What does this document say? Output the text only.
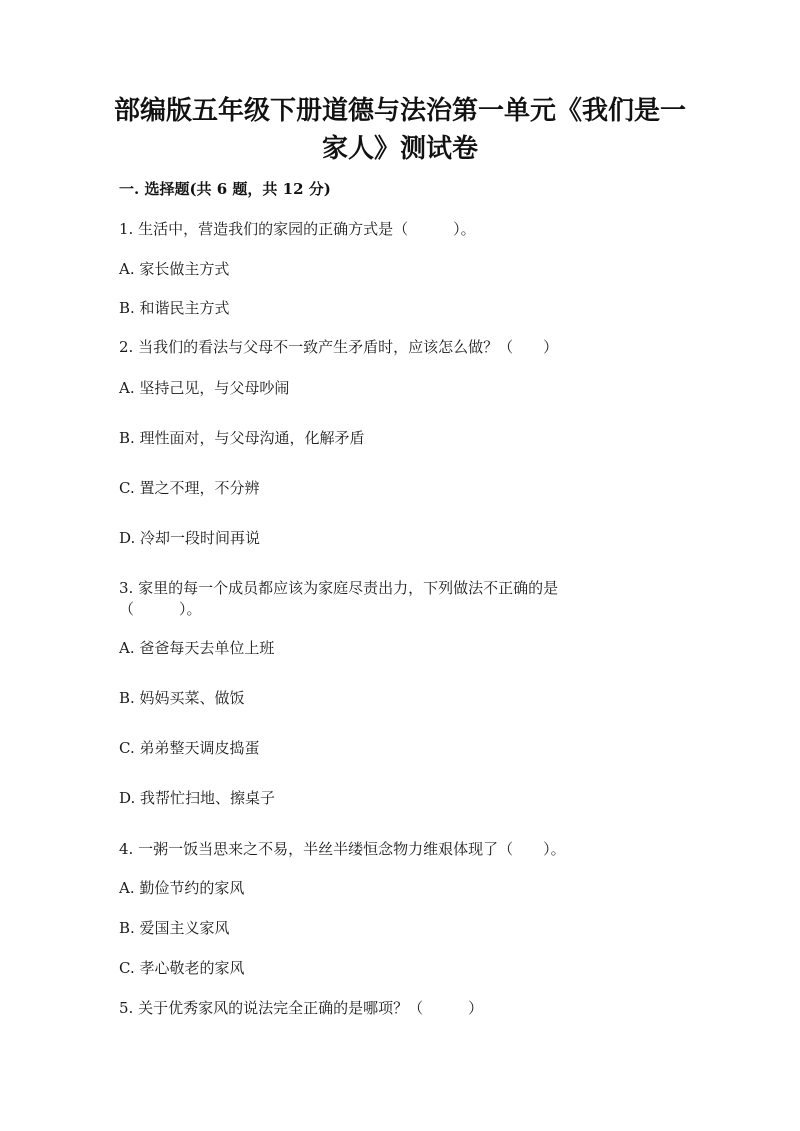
部编版五年级下册道德与法治第一单元《我们是一
家人》测试卷
一. 选择题(共 6 题，共 12 分)
1. 生活中，营造我们的家园的正确方式是（　　　）。
A. 家长做主方式
B. 和谐民主方式
2. 当我们的看法与父母不一致产生矛盾时，应该怎么做？（　　）
A. 坚持己见，与父母吵闹
B. 理性面对，与父母沟通，化解矛盾
C. 置之不理，不分辨
D. 冷却一段时间再说
3. 家里的每一个成员都应该为家庭尽责出力，下列做法不正确的是
（　　　）。
A. 爸爸每天去单位上班
B. 妈妈买菜、做饭
C. 弟弟整天调皮捣蛋
D. 我帮忙扫地、擦桌子
4. 一粥一饭当思来之不易，半丝半缕恒念物力维艰体现了（　　）。
A. 勤俭节约的家风
B. 爱国主义家风
C. 孝心敬老的家风
5. 关于优秀家风的说法完全正确的是哪项？（　　　）
